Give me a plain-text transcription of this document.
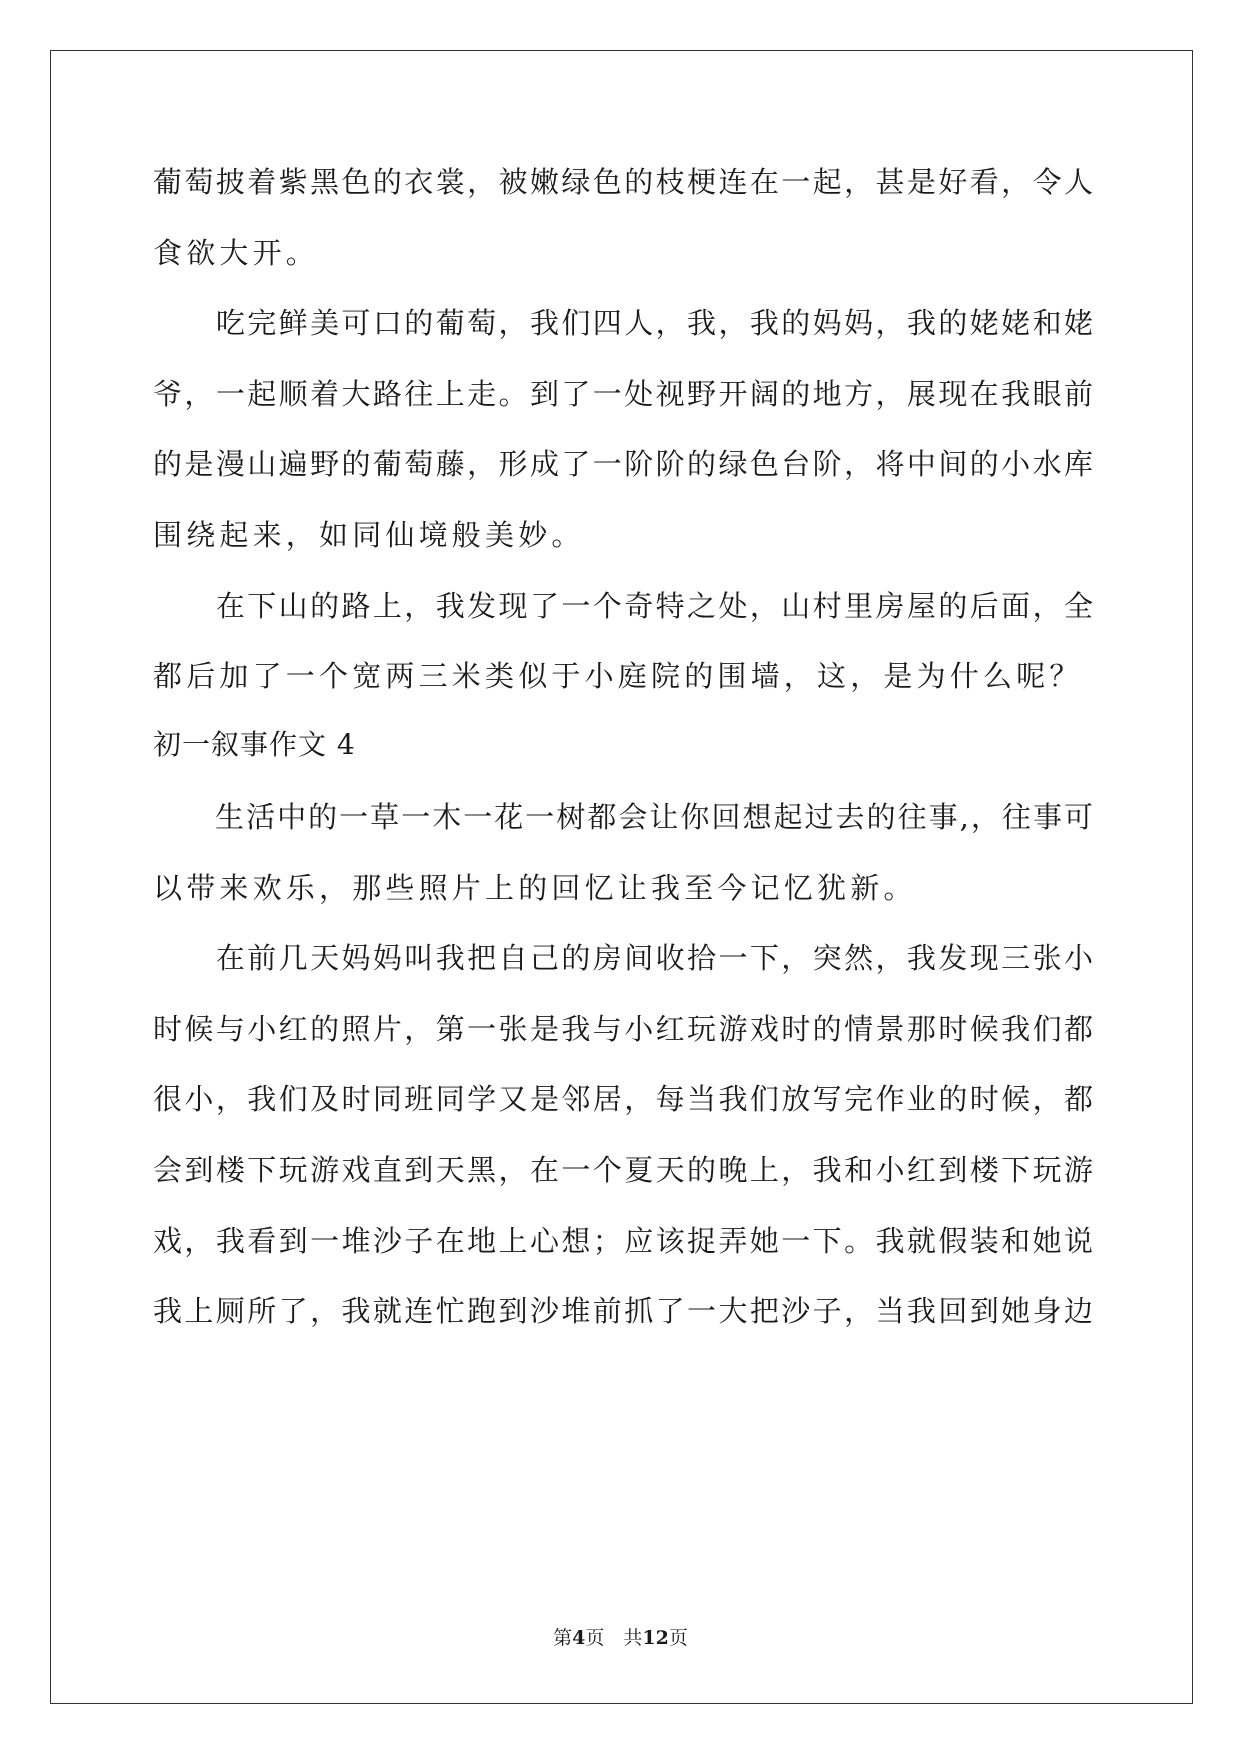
葡萄披着紫黑色的衣裳，被嫩绿色的枝梗连在一起，甚是好看，令人
食欲大开。
　　吃完鲜美可口的葡萄，我们四人，我，我的妈妈，我的姥姥和姥
爷，一起顺着大路往上走。到了一处视野开阔的地方，展现在我眼前
的是漫山遍野的葡萄藤，形成了一阶阶的绿色台阶，将中间的小水库
围绕起来，如同仙境般美妙。
　　在下山的路上，我发现了一个奇特之处，山村里房屋的后面，全
都后加了一个宽两三米类似于小庭院的围墙，这，是为什么呢？
初一叙事作文 4
　　生活中的一草一木一花一树都会让你回想起过去的往事,，往事可
以带来欢乐，那些照片上的回忆让我至今记忆犹新。
　　在前几天妈妈叫我把自己的房间收拾一下，突然，我发现三张小
时候与小红的照片，第一张是我与小红玩游戏时的情景那时候我们都
很小，我们及时同班同学又是邻居，每当我们放写完作业的时候，都
会到楼下玩游戏直到天黑，在一个夏天的晚上，我和小红到楼下玩游
戏，我看到一堆沙子在地上心想；应该捉弄她一下。我就假装和她说
我上厕所了，我就连忙跑到沙堆前抓了一大把沙子，当我回到她身边
第4页　共12页
